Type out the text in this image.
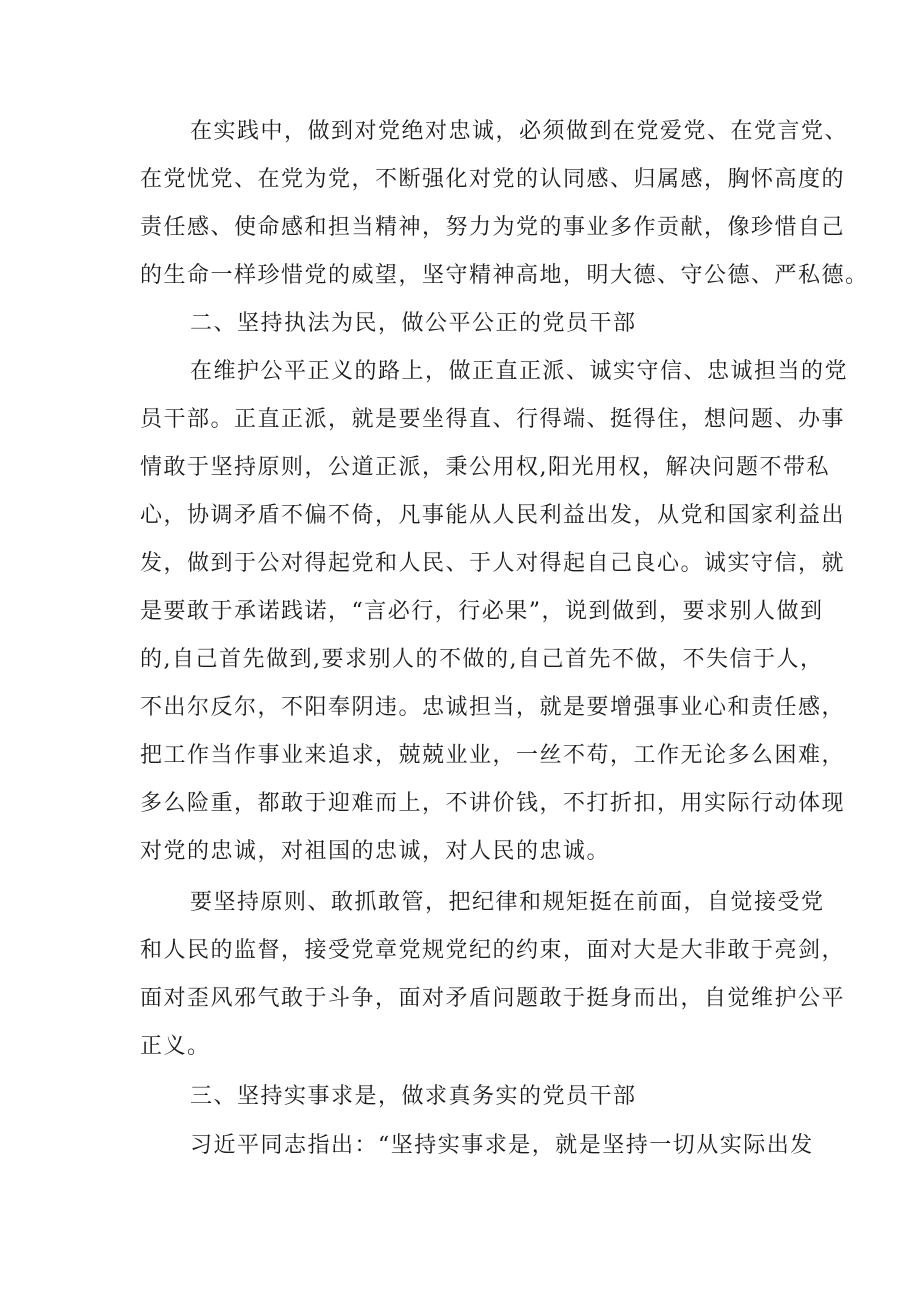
在实践中，做到对党绝对忠诚，必须做到在党爱党、在党言党、
在党忧党、在党为党，不断强化对党的认同感、归属感，胸怀高度的
责任感、使命感和担当精神，努力为党的事业多作贡献，像珍惜自己
的生命一样珍惜党的威望，坚守精神高地，明大德、守公德、严私德。
二、坚持执法为民，做公平公正的党员干部
在维护公平正义的路上，做正直正派、诚实守信、忠诚担当的党
员干部。正直正派，就是要坐得直、行得端、挺得住，想问题、办事
情敢于坚持原则，公道正派，秉公用权,阳光用权，解决问题不带私
心，协调矛盾不偏不倚，凡事能从人民利益出发，从党和国家利益出
发，做到于公对得起党和人民、于人对得起自己良心。诚实守信，就
是要敢于承诺践诺，“言必行，行必果”，说到做到，要求别人做到
的,自己首先做到,要求别人的不做的,自己首先不做，不失信于人，
不出尔反尔，不阳奉阴违。忠诚担当，就是要增强事业心和责任感，
把工作当作事业来追求，兢兢业业，一丝不苟，工作无论多么困难，
多么险重，都敢于迎难而上，不讲价钱，不打折扣，用实际行动体现
对党的忠诚，对祖国的忠诚，对人民的忠诚。
要坚持原则、敢抓敢管，把纪律和规矩挺在前面，自觉接受党
和人民的监督，接受党章党规党纪的约束，面对大是大非敢于亮剑，
面对歪风邪气敢于斗争，面对矛盾问题敢于挺身而出，自觉维护公平
正义。
三、坚持实事求是，做求真务实的党员干部
习近平同志指出：“坚持实事求是，就是坚持一切从实际出发
